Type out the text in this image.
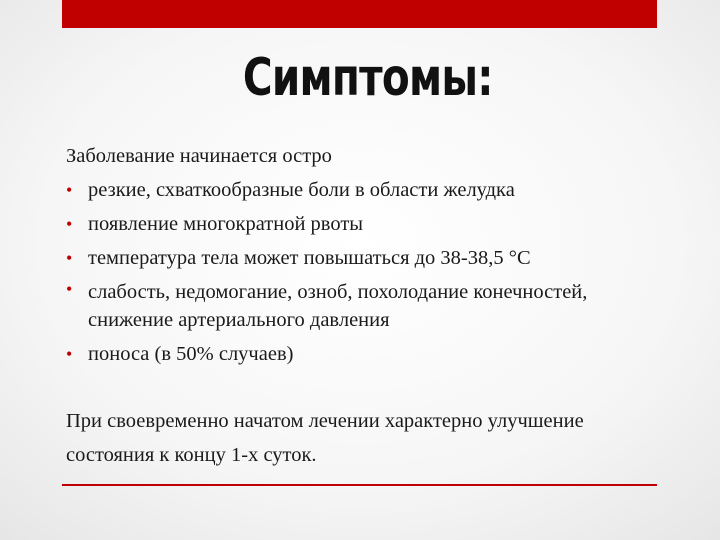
Симптомы:

Заболевание начинается остро

• резкие, схваткообразные боли в области желудка
• появление многократной рвоты
• температура тела может повышаться до 38-38,5 °С
• слабость, недомогание, озноб, похолодание конечностей, снижение артериального давления
• поноса (в 50% случаев)

При своевременно начатом лечении характерно улучшение состояния к концу 1-х суток.
